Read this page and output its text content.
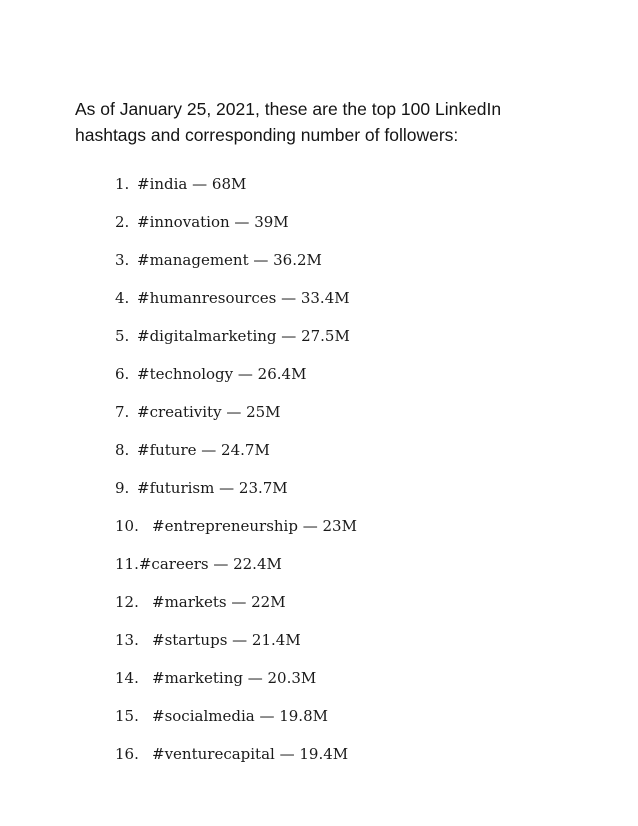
As of January 25, 2021, these are the top 100 LinkedIn
hashtags and corresponding number of followers:

1. #india — 68M
2. #innovation — 39M
3. #management — 36.2M
4. #humanresources — 33.4M
5. #digitalmarketing — 27.5M
6. #technology — 26.4M
7. #creativity — 25M
8. #future — 24.7M
9. #futurism — 23.7M
10. #entrepreneurship — 23M
11.#careers — 22.4M
12. #markets — 22M
13. #startups — 21.4M
14. #marketing — 20.3M
15. #socialmedia — 19.8M
16. #venturecapital — 19.4M
